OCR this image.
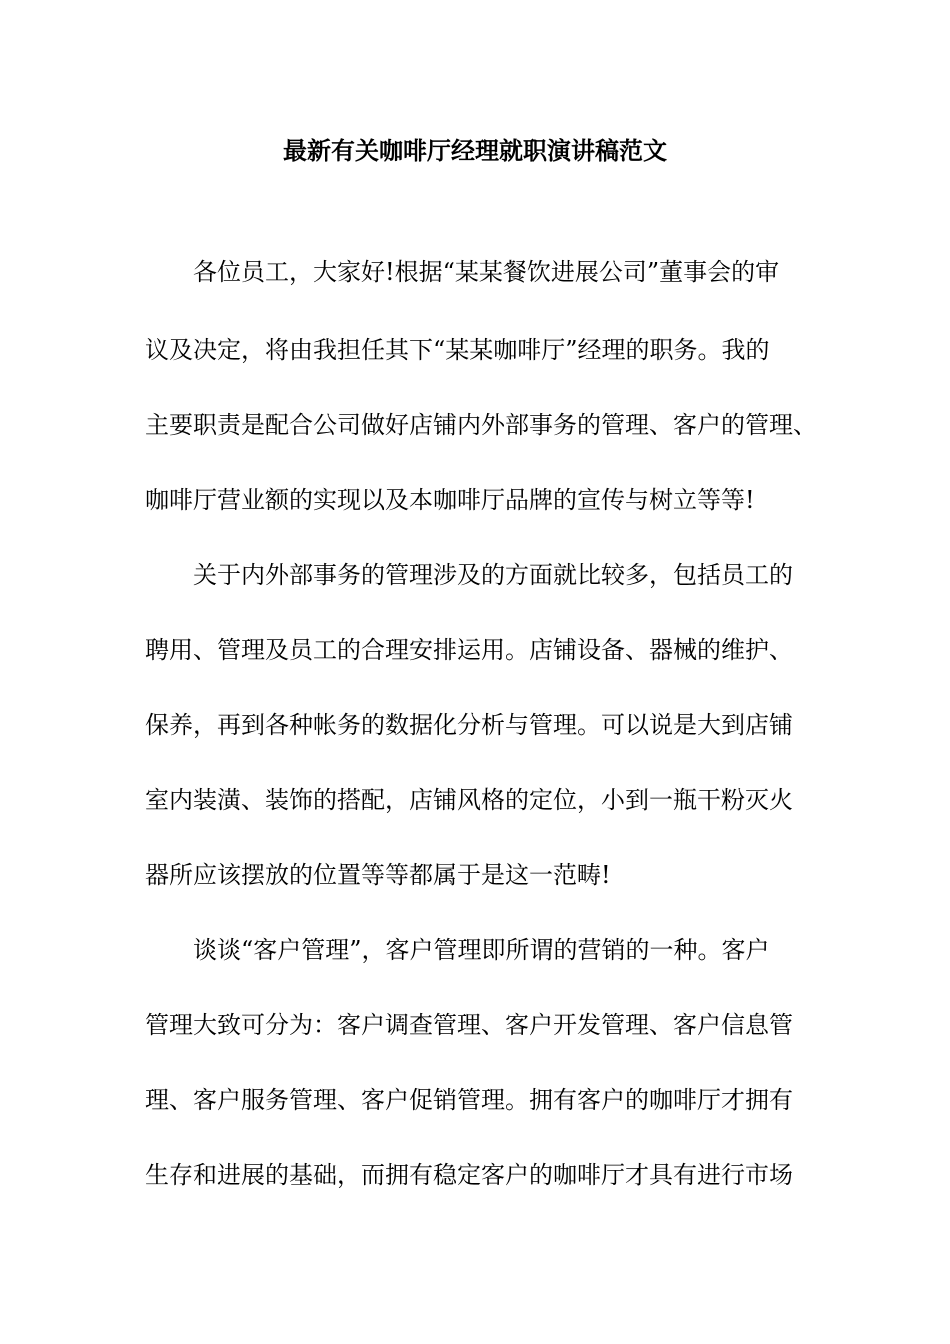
最新有关咖啡厅经理就职演讲稿范文
各位员工，大家好!根据“某某餐饮进展公司”董事会的审
议及决定，将由我担任其下“某某咖啡厅”经理的职务。我的
主要职责是配合公司做好店铺内外部事务的管理、客户的管理、
咖啡厅营业额的实现以及本咖啡厅品牌的宣传与树立等等!
关于内外部事务的管理涉及的方面就比较多，包括员工的
聘用、管理及员工的合理安排运用。店铺设备、器械的维护、
保养，再到各种帐务的数据化分析与管理。可以说是大到店铺
室内装潢、装饰的搭配，店铺风格的定位，小到一瓶干粉灭火
器所应该摆放的位置等等都属于是这一范畴!
谈谈“客户管理”，客户管理即所谓的营销的一种。客户
管理大致可分为：客户调查管理、客户开发管理、客户信息管
理、客户服务管理、客户促销管理。拥有客户的咖啡厅才拥有
生存和进展的基础，而拥有稳定客户的咖啡厅才具有进行市场
